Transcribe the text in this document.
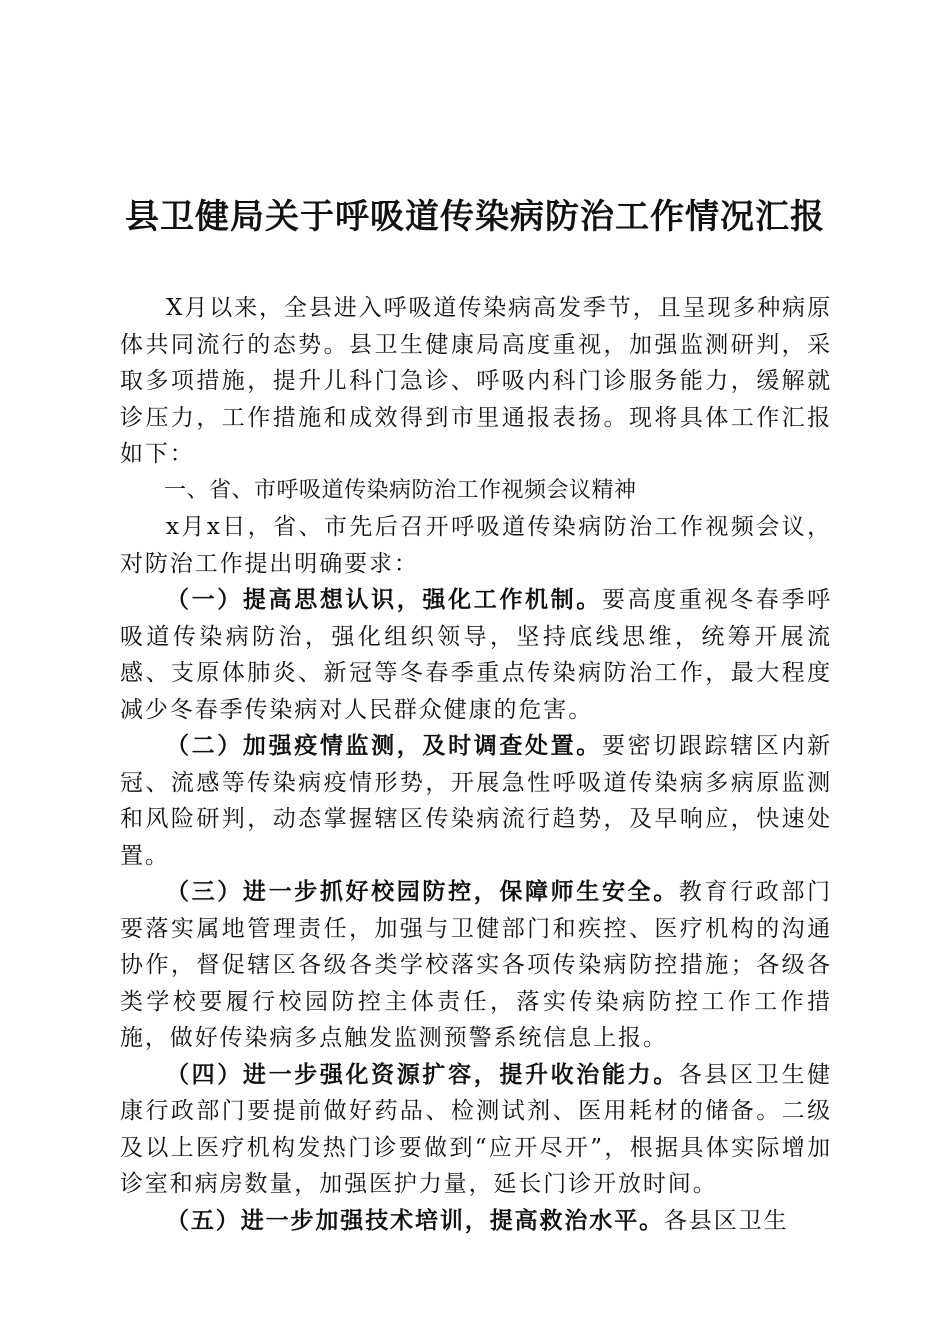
县卫健局关于呼吸道传染病防治工作情况汇报

X月以来，全县进入呼吸道传染病高发季节，且呈现多种病原体共同流行的态势。县卫生健康局高度重视，加强监测研判，采取多项措施，提升儿科门急诊、呼吸内科门诊服务能力，缓解就诊压力，工作措施和成效得到市里通报表扬。现将具体工作汇报如下：

一、省、市呼吸道传染病防治工作视频会议精神

x月x日，省、市先后召开呼吸道传染病防治工作视频会议，对防治工作提出明确要求：

（一）提高思想认识，强化工作机制。要高度重视冬春季呼吸道传染病防治，强化组织领导，坚持底线思维，统筹开展流感、支原体肺炎、新冠等冬春季重点传染病防治工作，最大程度减少冬春季传染病对人民群众健康的危害。

（二）加强疫情监测，及时调查处置。要密切跟踪辖区内新冠、流感等传染病疫情形势，开展急性呼吸道传染病多病原监测和风险研判，动态掌握辖区传染病流行趋势，及早响应，快速处置。

（三）进一步抓好校园防控，保障师生安全。教育行政部门要落实属地管理责任，加强与卫健部门和疾控、医疗机构的沟通协作，督促辖区各级各类学校落实各项传染病防控措施；各级各类学校要履行校园防控主体责任，落实传染病防控工作工作措施，做好传染病多点触发监测预警系统信息上报。

（四）进一步强化资源扩容，提升收治能力。各县区卫生健康行政部门要提前做好药品、检测试剂、医用耗材的储备。二级及以上医疗机构发热门诊要做到“应开尽开”，根据具体实际增加诊室和病房数量，加强医护力量，延长门诊开放时间。

（五）进一步加强技术培训，提高救治水平。各县区卫生
